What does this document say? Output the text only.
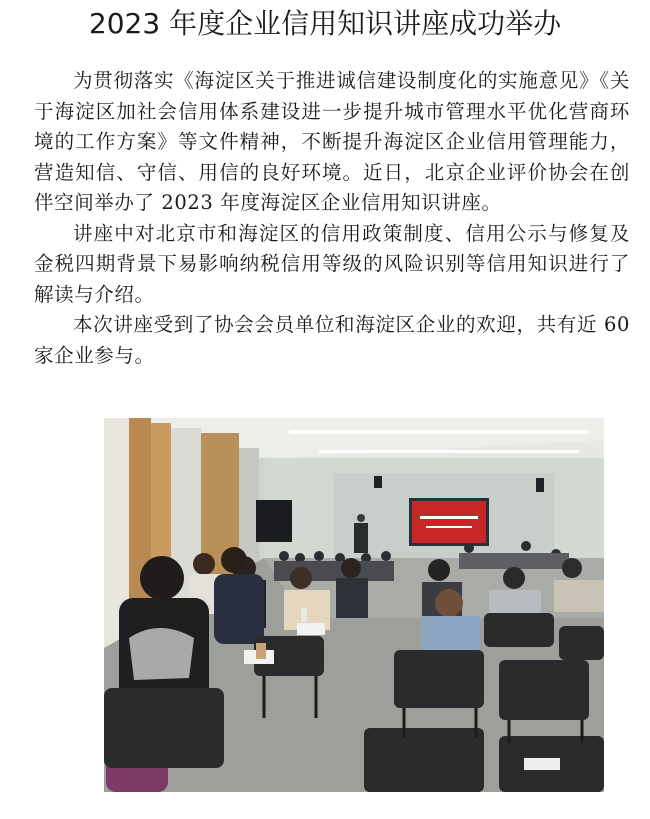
2023 年度企业信用知识讲座成功举办

为贯彻落实《海淀区关于推进诚信建设制度化的实施意见》《关于海淀区加社会信用体系建设进一步提升城市管理水平优化营商环境的工作方案》等文件精神，不断提升海淀区企业信用管理能力，营造知信、守信、用信的良好环境。近日，北京企业评价协会在创伴空间举办了 2023 年度海淀区企业信用知识讲座。

讲座中对北京市和海淀区的信用政策制度、信用公示与修复及金税四期背景下易影响纳税信用等级的风险识别等信用知识进行了解读与介绍。

本次讲座受到了协会会员单位和海淀区企业的欢迎，共有近 60 家企业参与。
